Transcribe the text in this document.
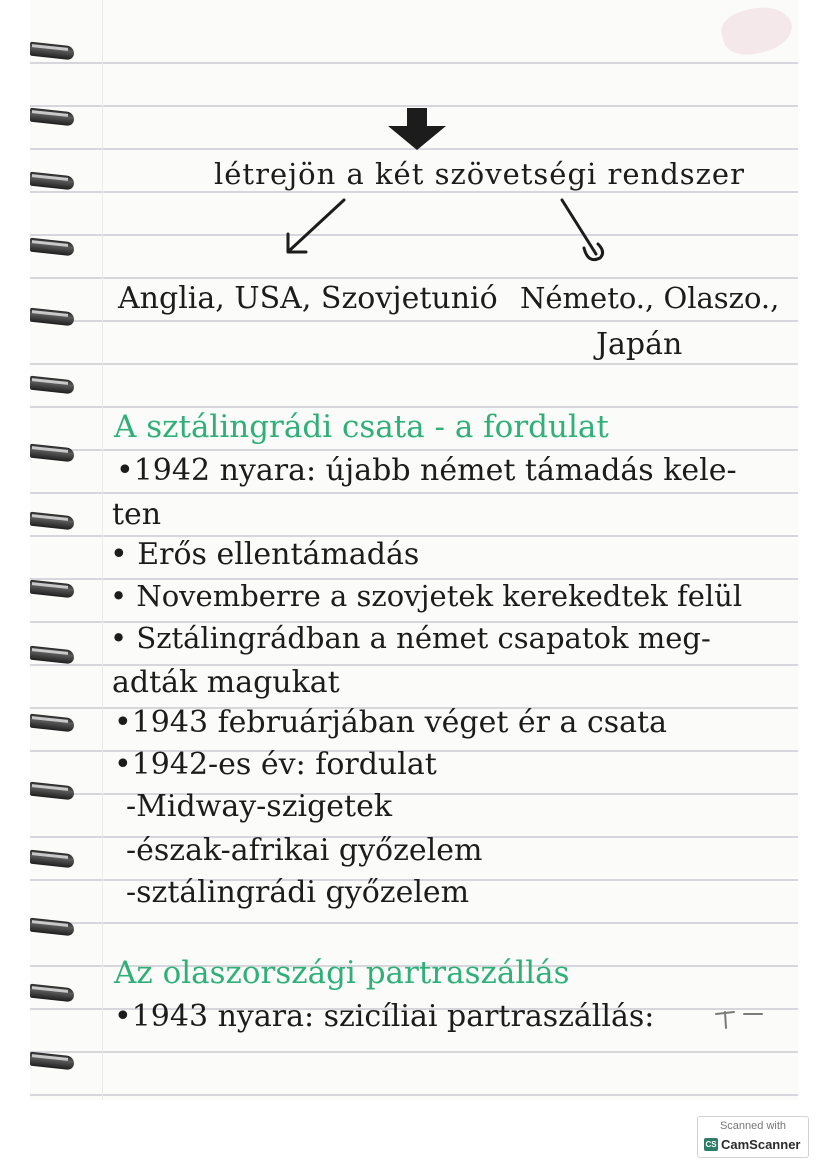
létrejön a két szövetségi rendszer
Anglia, USA, Szovjetunió Németo., Olaszo.,
Japán
A sztálingrádi csata - a fordulat
•1942 nyara: újabb német támadás kele-
ten
• Erős ellentámadás
• Novemberre a szovjetek kerekedtek felül
• Sztálingrádban a német csapatok meg-
adták magukat
•1943 februárjában véget ér a csata
•1942-es év: fordulat
-Midway-szigetek
-észak-afrikai győzelem
-sztálingrádi győzelem
Az olaszországi partraszállás
•1943 nyara: szicíliai partraszállás:
Scanned with
CS CamScanner
